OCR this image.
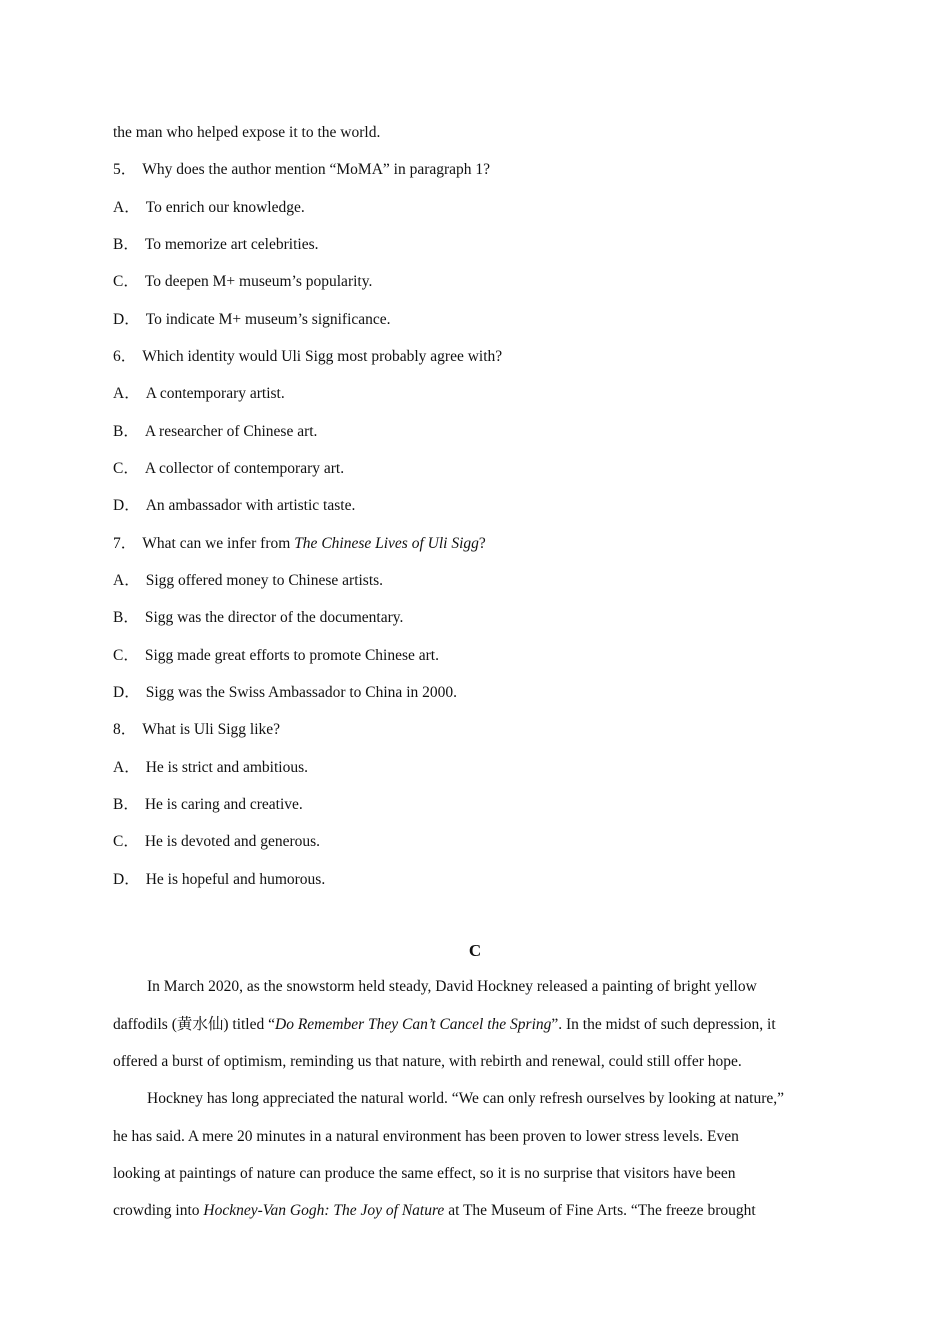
the man who helped expose it to the world.
5． Why does the author mention “MoMA” in paragraph 1?
A． To enrich our knowledge.
B． To memorize art celebrities.
C． To deepen M+ museum’s popularity.
D． To indicate M+ museum’s significance.
6． Which identity would Uli Sigg most probably agree with?
A． A contemporary artist.
B． A researcher of Chinese art.
C． A collector of contemporary art.
D． An ambassador with artistic taste.
7． What can we infer from The Chinese Lives of Uli Sigg?
A． Sigg offered money to Chinese artists.
B． Sigg was the director of the documentary.
C． Sigg made great efforts to promote Chinese art.
D． Sigg was the Swiss Ambassador to China in 2000.
8． What is Uli Sigg like?
A． He is strict and ambitious.
B． He is caring and creative.
C． He is devoted and generous.
D． He is hopeful and humorous.
C
In March 2020, as the snowstorm held steady, David Hockney released a painting of bright yellow
daffodils (黄水仙) titled “Do Remember They Can’t Cancel the Spring”. In the midst of such depression, it
offered a burst of optimism, reminding us that nature, with rebirth and renewal, could still offer hope.
Hockney has long appreciated the natural world. “We can only refresh ourselves by looking at nature,”
he has said. A mere 20 minutes in a natural environment has been proven to lower stress levels. Even
looking at paintings of nature can produce the same effect, so it is no surprise that visitors have been
crowding into Hockney-Van Gogh: The Joy of Nature at The Museum of Fine Arts. “The freeze brought
